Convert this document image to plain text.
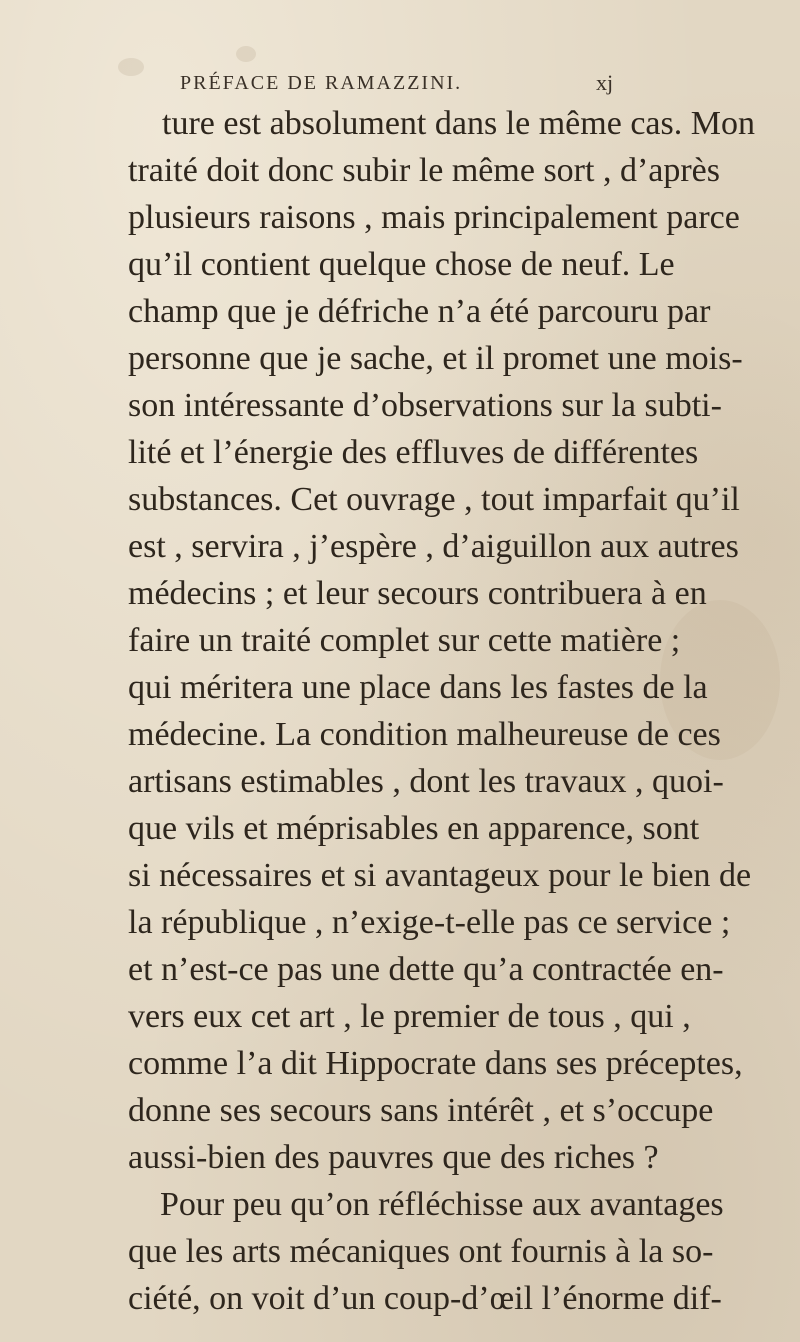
PRÉFACE DE RAMAZZINI.	xj
ture est absolument dans le même cas. Mon
traité doit donc subir le même sort , d’après
plusieurs raisons , mais principalement parce
qu’il contient quelque chose de neuf. Le
champ que je défriche n’a été parcouru par
personne que je sache, et il promet une mois-
son intéressante d’observations sur la subti-
lité et l’énergie des effluves de différentes
substances. Cet ouvrage , tout imparfait qu’il
est , servira , j’espère , d’aiguillon aux autres
médecins ; et leur secours contribuera à en
faire un traité complet sur cette matière ;
qui méritera une place dans les fastes de la
médecine. La condition malheureuse de ces
artisans estimables , dont les travaux , quoi-
que vils et méprisables en apparence, sont
si nécessaires et si avantageux pour le bien de
la république , n’exige-t-elle pas ce service ;
et n’est-ce pas une dette qu’a contractée en-
vers eux cet art , le premier de tous , qui ,
comme l’a dit Hippocrate dans ses préceptes,
donne ses secours sans intérêt , et s’occupe
aussi-bien des pauvres que des riches ?
Pour peu qu’on réfléchisse aux avantages
que les arts mécaniques ont fournis à la so-
ciété, on voit d’un coup-d’œil l’énorme dif-
